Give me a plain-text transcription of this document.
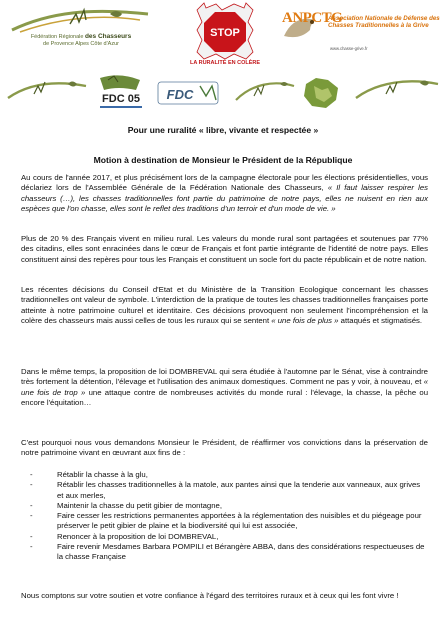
Fédération Régionale des Chasseurs
de Provence Alpes Côte d'Azur
STOP
LA RURALITÉ EN COLÈRE
ANPCTG
Association Nationale de Défense des Chasses Traditionnelles à la Grive
www.chasse-grive.fr
FDC 05 FDC
Pour une ruralité « libre, vivante et respectée »
Motion à destination de Monsieur le Président de la République

Au cours de l'année 2017, et plus précisément lors de la campagne électorale pour les élections présidentielles, vous déclariez lors de l'Assemblée Générale de la Fédération Nationale des Chasseurs, « Il faut laisser respirer les chasseurs (…), les chasses traditionnelles font partie du patrimoine de notre pays, elles ne nuisent en rien aux espèces que l'on chasse, elles sont le reflet des traditions d'un terroir et d'un mode de vie. »

Plus de 20 % des Français vivent en milieu rural. Les valeurs du monde rural sont partagées et soutenues par 77% des citadins, elles sont enracinées dans le cœur de Français et font partie intégrante de l'identité de notre pays. Elles constituent ainsi des repères pour tous les Français et constituent un socle fort du pacte républicain et de notre nation.

Les récentes décisions du Conseil d'Etat et du Ministère de la Transition Ecologique concernant les chasses traditionnelles ont valeur de symbole. L'interdiction de la pratique de toutes les chasses traditionnelles françaises porte atteinte à notre patrimoine culturel et identitaire. Ces décisions provoquent non seulement l'incompréhension et la colère des chasseurs mais aussi celles de tous les ruraux qui se sentent « une fois de plus » attaqués et stigmatisés.

Dans le même temps, la proposition de loi DOMBREVAL qui sera étudiée à l'automne par le Sénat, vise à contraindre très fortement la détention, l'élevage et l'utilisation des animaux domestiques. Comment ne pas y voir, à nouveau, et « une fois de trop » une attaque contre de nombreuses activités du monde rural : l'élevage, la chasse, la pêche ou encore l'équitation…

C'est pourquoi nous vous demandons Monsieur le Président, de réaffirmer vos convictions dans la préservation de notre patrimoine vivant en œuvrant aux fins de :

-	Rétablir la chasse à la glu,
-	Rétablir les chasses traditionnelles à la matole, aux pantes ainsi que la tenderie aux vanneaux, aux grives et aux merles,
-	Maintenir la chasse du petit gibier de montagne,
-	Faire cesser les restrictions permanentes apportées à la réglementation des nuisibles et du piégeage pour préserver le petit gibier de plaine et la biodiversité qui lui est associée,
-	Renoncer à la proposition de loi DOMBREVAL,
-	Faire revenir Mesdames Barbara POMPILI et Bérangère ABBA, dans des considérations respectueuses de la chasse Française

Nous comptons sur votre soutien et votre confiance à l'égard des territoires ruraux et à ceux qui les font vivre !
